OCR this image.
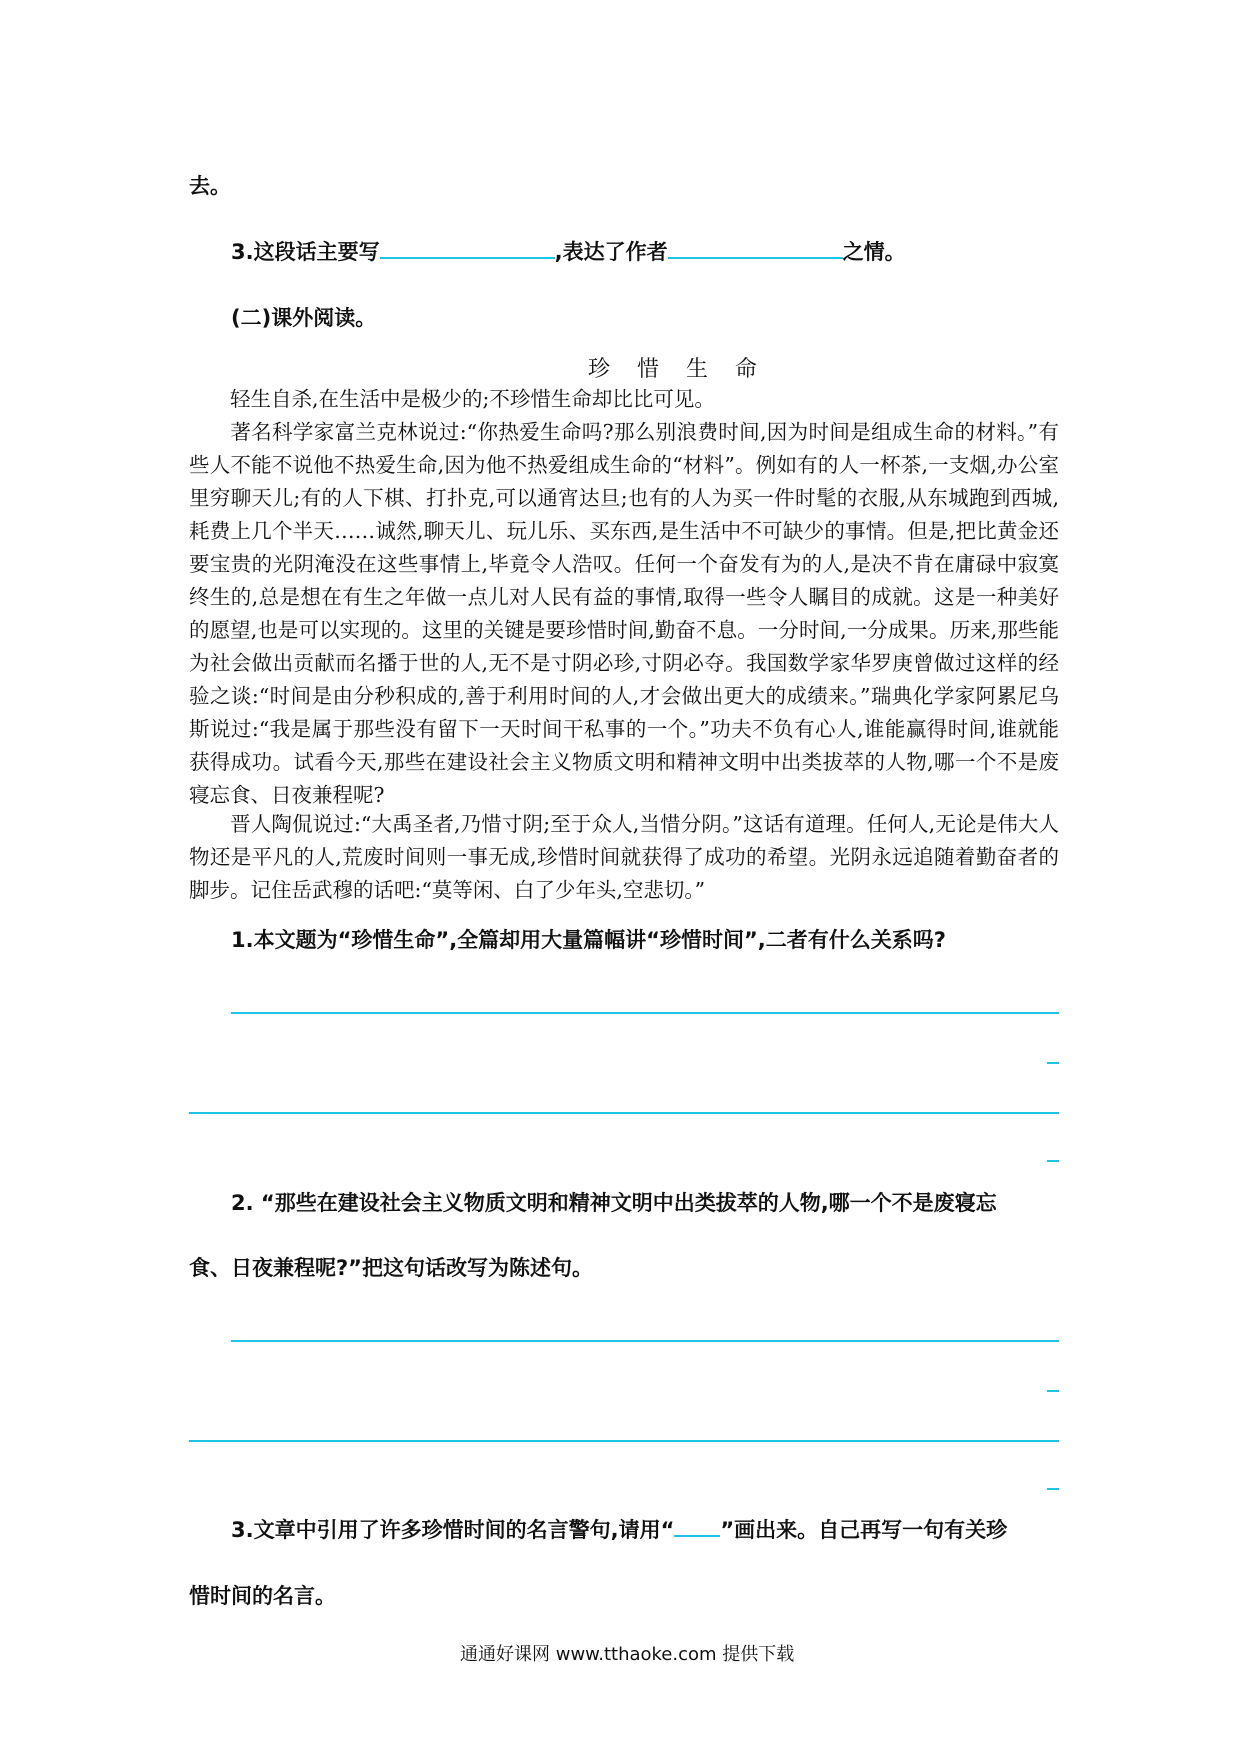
去。
3.这段话主要写	,表达了作者	之情。
(二)课外阅读。
珍 惜 生 命
轻生自杀,在生活中是极少的;不珍惜生命却比比可见。
著名科学家富兰克林说过:“你热爱生命吗?那么别浪费时间,因为时间是组成生命的材料。”有些人不能不说他不热爱生命,因为他不热爱组成生命的“材料”。例如有的人一杯茶,一支烟,办公室里穷聊天儿;有的人下棋、打扑克,可以通宵达旦;也有的人为买一件时髦的衣服,从东城跑到西城,耗费上几个半天……诚然,聊天儿、玩儿乐、买东西,是生活中不可缺少的事情。但是,把比黄金还要宝贵的光阴淹没在这些事情上,毕竟令人浩叹。任何一个奋发有为的人,是决不肯在庸碌中寂寞终生的,总是想在有生之年做一点儿对人民有益的事情,取得一些令人瞩目的成就。这是一种美好的愿望,也是可以实现的。这里的关键是要珍惜时间,勤奋不息。一分时间,一分成果。历来,那些能为社会做出贡献而名播于世的人,无不是寸阴必珍,寸阴必夺。我国数学家华罗庚曾做过这样的经验之谈:“时间是由分秒积成的,善于利用时间的人,才会做出更大的成绩来。”瑞典化学家阿累尼乌斯说过:“我是属于那些没有留下一天时间干私事的一个。”功夫不负有心人,谁能赢得时间,谁就能获得成功。试看今天,那些在建设社会主义物质文明和精神文明中出类拔萃的人物,哪一个不是废寝忘食、日夜兼程呢?
晋人陶侃说过:“大禹圣者,乃惜寸阴;至于众人,当惜分阴。”这话有道理。任何人,无论是伟大人物还是平凡的人,荒废时间则一事无成,珍惜时间就获得了成功的希望。光阴永远追随着勤奋者的脚步。记住岳武穆的话吧:“莫等闲、白了少年头,空悲切。”
1.本文题为“珍惜生命”,全篇却用大量篇幅讲“珍惜时间”,二者有什么关系吗?
2. “那些在建设社会主义物质文明和精神文明中出类拔萃的人物,哪一个不是废寝忘
食、日夜兼程呢?”把这句话改写为陈述句。
3.文章中引用了许多珍惜时间的名言警句,请用“ ”画出来。自己再写一句有关珍
惜时间的名言。
通通好课网 www.tthaoke.com 提供下载
